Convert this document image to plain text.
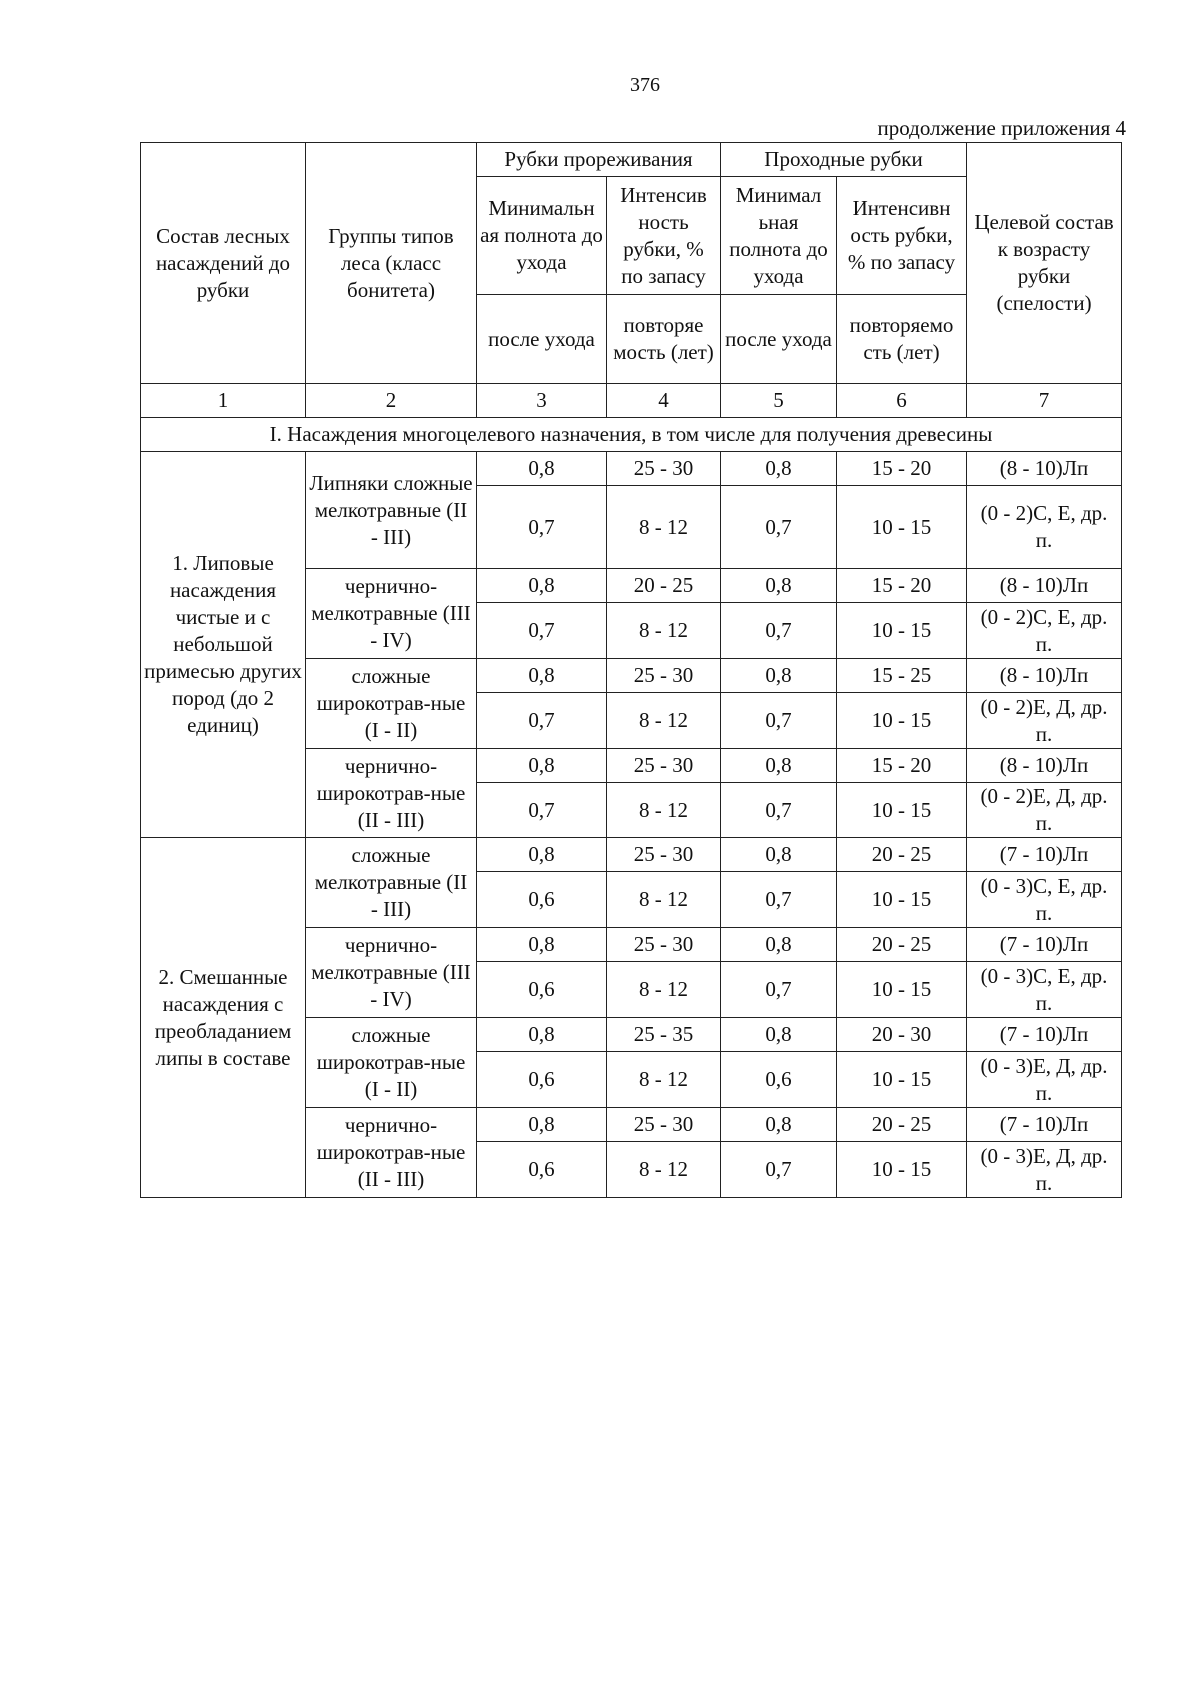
376
продолжение приложения 4
Состав лесных насаждений до рубки	Группы типов леса (класс бонитета)	Рубки прореживания		Проходные рубки		Целевой состав к возрасту рубки (спелости)
		Минимальн ая полнота до ухода	Интенсив ность рубки, % по запасу	Минимал ьная полнота до ухода	Интенсивн ость рубки, % по запасу	
		после ухода	повторяе мость (лет)	после ухода	повторяемо сть (лет)	
1	2	3	4	5	6	7
I. Насаждения многоцелевого назначения, в том числе для получения древесины						
1. Липовые насаждения чистые и с небольшой примесью других пород (до 2 единиц)	Липняки сложные мелкотравные (II - III)	0,8	25 - 30	0,8	15 - 20	(8 - 10)Лп
		0,7	8 - 12	0,7	10 - 15	(0 - 2)С, Е, др. п.
	чернично-мелкотравные (III - IV)	0,8	20 - 25	0,8	15 - 20	(8 - 10)Лп
		0,7	8 - 12	0,7	10 - 15	(0 - 2)С, Е, др. п.
	сложные широкотрав-ные (I - II)	0,8	25 - 30	0,8	15 - 25	(8 - 10)Лп
		0,7	8 - 12	0,7	10 - 15	(0 - 2)Е, Д, др. п.
	чернично-широкотрав-ные (II - III)	0,8	25 - 30	0,8	15 - 20	(8 - 10)Лп
		0,7	8 - 12	0,7	10 - 15	(0 - 2)Е, Д, др. п.
2. Смешанные насаждения с преобладанием липы в составе	сложные мелкотравные (II - III)	0,8	25 - 30	0,8	20 - 25	(7 - 10)Лп
		0,6	8 - 12	0,7	10 - 15	(0 - 3)С, Е, др. п.
	чернично-мелкотравные (III - IV)	0,8	25 - 30	0,8	20 - 25	(7 - 10)Лп
		0,6	8 - 12	0,7	10 - 15	(0 - 3)С, Е, др. п.
	сложные широкотрав-ные (I - II)	0,8	25 - 35	0,8	20 - 30	(7 - 10)Лп
		0,6	8 - 12	0,6	10 - 15	(0 - 3)Е, Д, др. п.
	чернично-широкотрав-ные (II - III)	0,8	25 - 30	0,8	20 - 25	(7 - 10)Лп
		0,6	8 - 12	0,7	10 - 15	(0 - 3)Е, Д, др. п.
